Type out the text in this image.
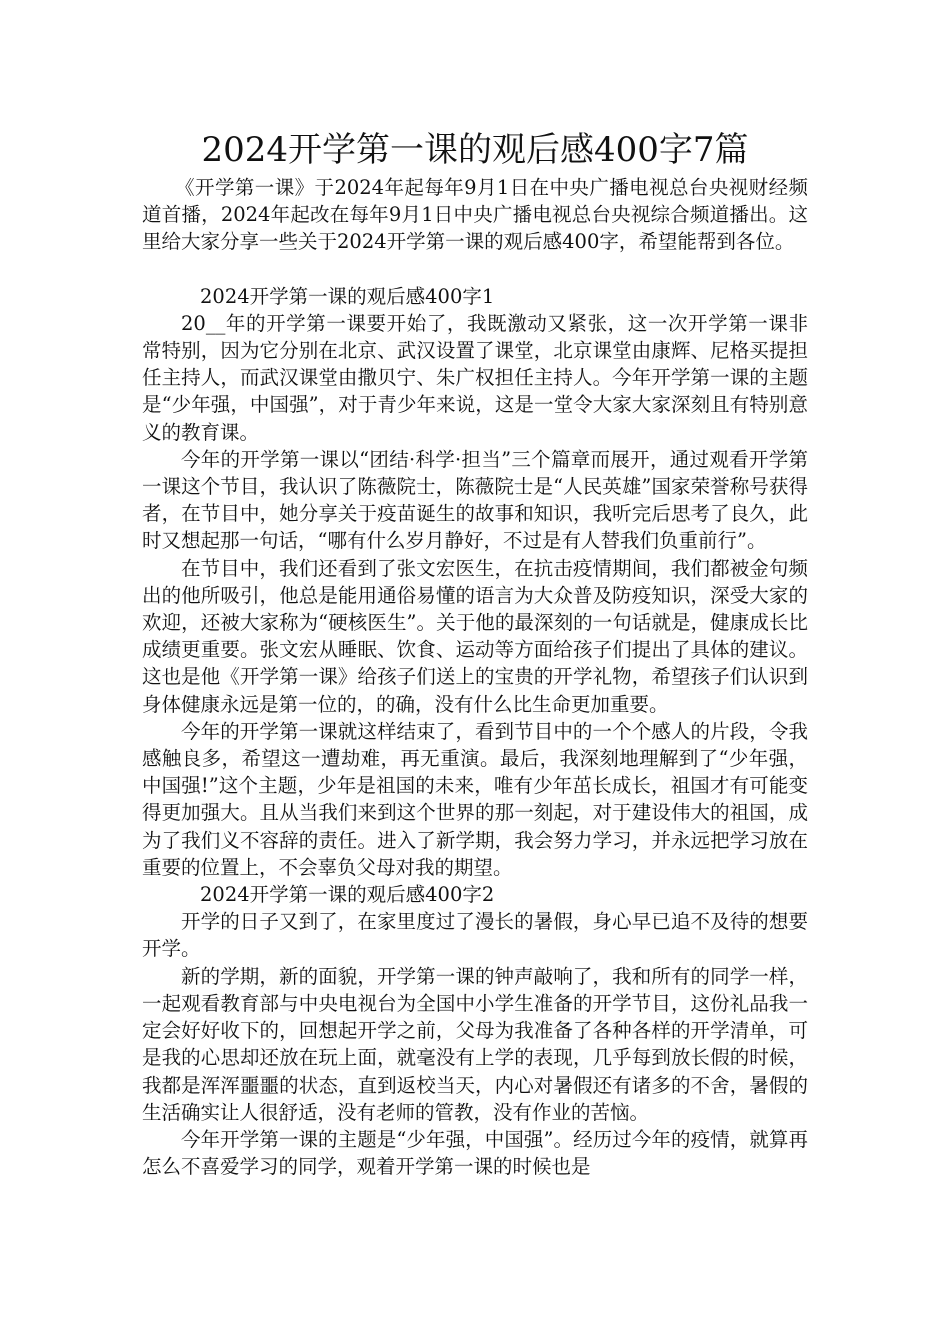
2024开学第一课的观后感400字7篇

《开学第一课》于2024年起每年9月1日在中央广播电视总台央视财经频道首播，2024年起改在每年9月1日中央广播电视总台央视综合频道播出。这里给大家分享一些关于2024开学第一课的观后感400字，希望能帮到各位。

2024开学第一课的观后感400字1

20__年的开学第一课要开始了，我既激动又紧张，这一次开学第一课非常特别，因为它分别在北京、武汉设置了课堂，北京课堂由康辉、尼格买提担任主持人，而武汉课堂由撒贝宁、朱广权担任主持人。今年开学第一课的主题是“少年强，中国强”，对于青少年来说，这是一堂令大家大家深刻且有特别意义的教育课。

今年的开学第一课以“团结·科学·担当”三个篇章而展开，通过观看开学第一课这个节目，我认识了陈薇院士，陈薇院士是“人民英雄”国家荣誉称号获得者，在节目中，她分享关于疫苗诞生的故事和知识，我听完后思考了良久，此时又想起那一句话，“哪有什么岁月静好，不过是有人替我们负重前行”。

在节目中，我们还看到了张文宏医生，在抗击疫情期间，我们都被金句频出的他所吸引，他总是能用通俗易懂的语言为大众普及防疫知识，深受大家的欢迎，还被大家称为“硬核医生”。关于他的最深刻的一句话就是，健康成长比成绩更重要。张文宏从睡眠、饮食、运动等方面给孩子们提出了具体的建议。这也是他《开学第一课》给孩子们送上的宝贵的开学礼物，希望孩子们认识到身体健康永远是第一位的，的确，没有什么比生命更加重要。

今年的开学第一课就这样结束了，看到节目中的一个个感人的片段，令我感触良多，希望这一遭劫难，再无重演。最后，我深刻地理解到了“少年强，中国强!”这个主题，少年是祖国的未来，唯有少年茁长成长，祖国才有可能变得更加强大。且从当我们来到这个世界的那一刻起，对于建设伟大的祖国，成为了我们义不容辞的责任。进入了新学期，我会努力学习，并永远把学习放在重要的位置上，不会辜负父母对我的期望。

2024开学第一课的观后感400字2

开学的日子又到了，在家里度过了漫长的暑假，身心早已追不及待的想要开学。

新的学期，新的面貌，开学第一课的钟声敲响了，我和所有的同学一样，一起观看教育部与中央电视台为全国中小学生准备的开学节目，这份礼品我一定会好好收下的，回想起开学之前，父母为我准备了各种各样的开学清单，可是我的心思却还放在玩上面，就毫没有上学的表现，几乎每到放长假的时候，我都是浑浑噩噩的状态，直到返校当天，内心对暑假还有诸多的不舍，暑假的生活确实让人很舒适，没有老师的管教，没有作业的苦恼。

今年开学第一课的主题是“少年强，中国强”。经历过今年的疫情，就算再怎么不喜爱学习的同学，观着开学第一课的时候也是
